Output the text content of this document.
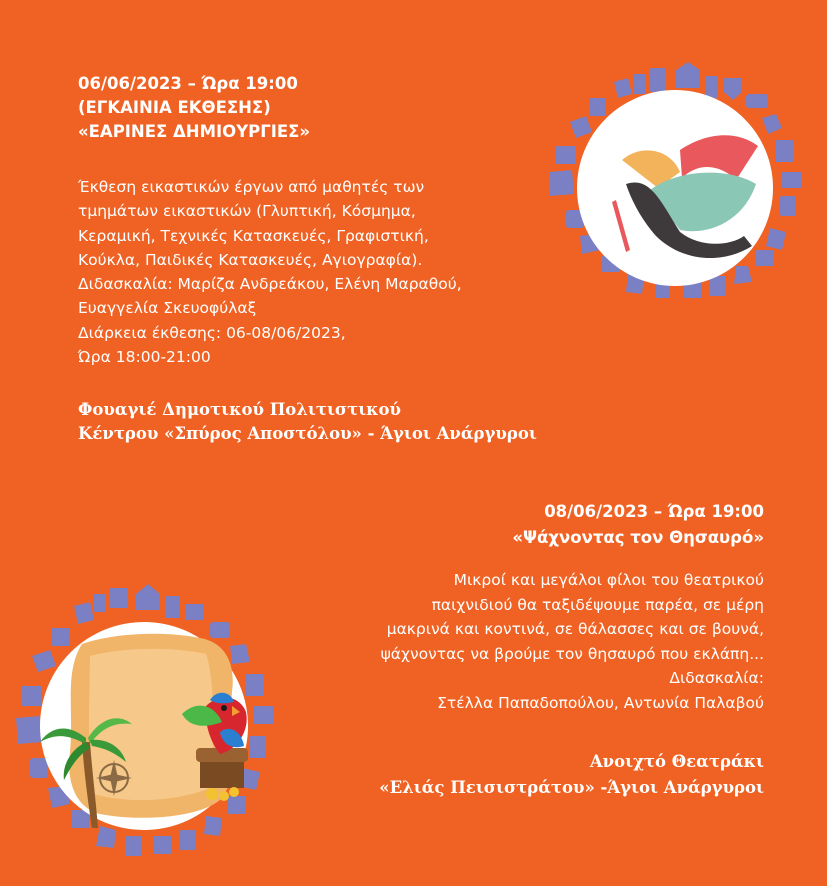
06/06/2023 – Ώρα 19:00
(ΕΓΚΑΙΝΙΑ ΕΚΘΕΣΗΣ)
«ΕΑΡΙΝΕΣ ΔΗΜΙΟΥΡΓΙΕΣ»
Έκθεση εικαστικών έργων από μαθητές των
τμημάτων εικαστικών (Γλυπτική, Κόσμημα,
Κεραμική, Τεχνικές Κατασκευές, Γραφιστική,
Κούκλα, Παιδικές Κατασκευές, Αγιογραφία).
Διδασκαλία: Μαρίζα Ανδρεάκου, Ελένη Μαραθού,
Ευαγγελία Σκευοφύλαξ
Διάρκεια έκθεσης: 06-08/06/2023,
Ώρα 18:00-21:00
Φουαγιέ Δημοτικού Πολιτιστικού
Κέντρου «Σπύρος Αποστόλου» - Άγιοι Ανάργυροι
08/06/2023 – Ώρα 19:00
«Ψάχνοντας τον Θησαυρό»
Μικροί και μεγάλοι φίλοι του θεατρικού
παιχνιδιού θα ταξιδέψουμε παρέα, σε μέρη
μακρινά και κοντινά, σε θάλασσες και σε βουνά,
ψάχνοντας να βρούμε τον θησαυρό που εκλάπη...
Διδασκαλία:
Στέλλα Παπαδοπούλου, Αντωνία Παλαβού
Ανοιχτό Θεατράκι
«Ελιάς Πεισιστράτου» -Άγιοι Ανάργυροι
